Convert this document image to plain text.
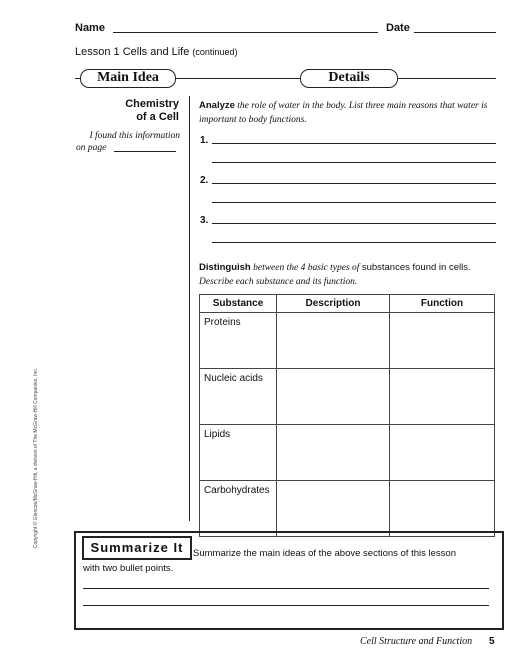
Name	Date
Lesson 1 Cells and Life (continued)
Main Idea	Details
Chemistry
of a Cell
I found this information
on page
Analyze the role of water in the body. List three main reasons that water is important to body functions.
1.
2.
3.
Distinguish between the 4 basic types of substances found in cells. Describe each substance and its function.
Substance	Description	Function
Proteins		
Nucleic acids		
Lipids		
Carbohydrates		
Summarize It	Summarize the main ideas of the above sections of this lesson
with two bullet points.
Cell Structure and Function 5
Copyright © Glencoe/McGraw-Hill, a division of The McGraw-Hill Companies, Inc.
